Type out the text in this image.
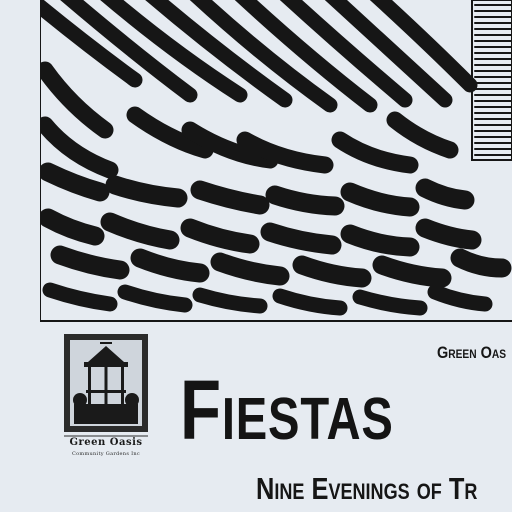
Green Oasis
Community Gardens Inc
Green Oas
Fiestas
Nine Evenings of Tr
